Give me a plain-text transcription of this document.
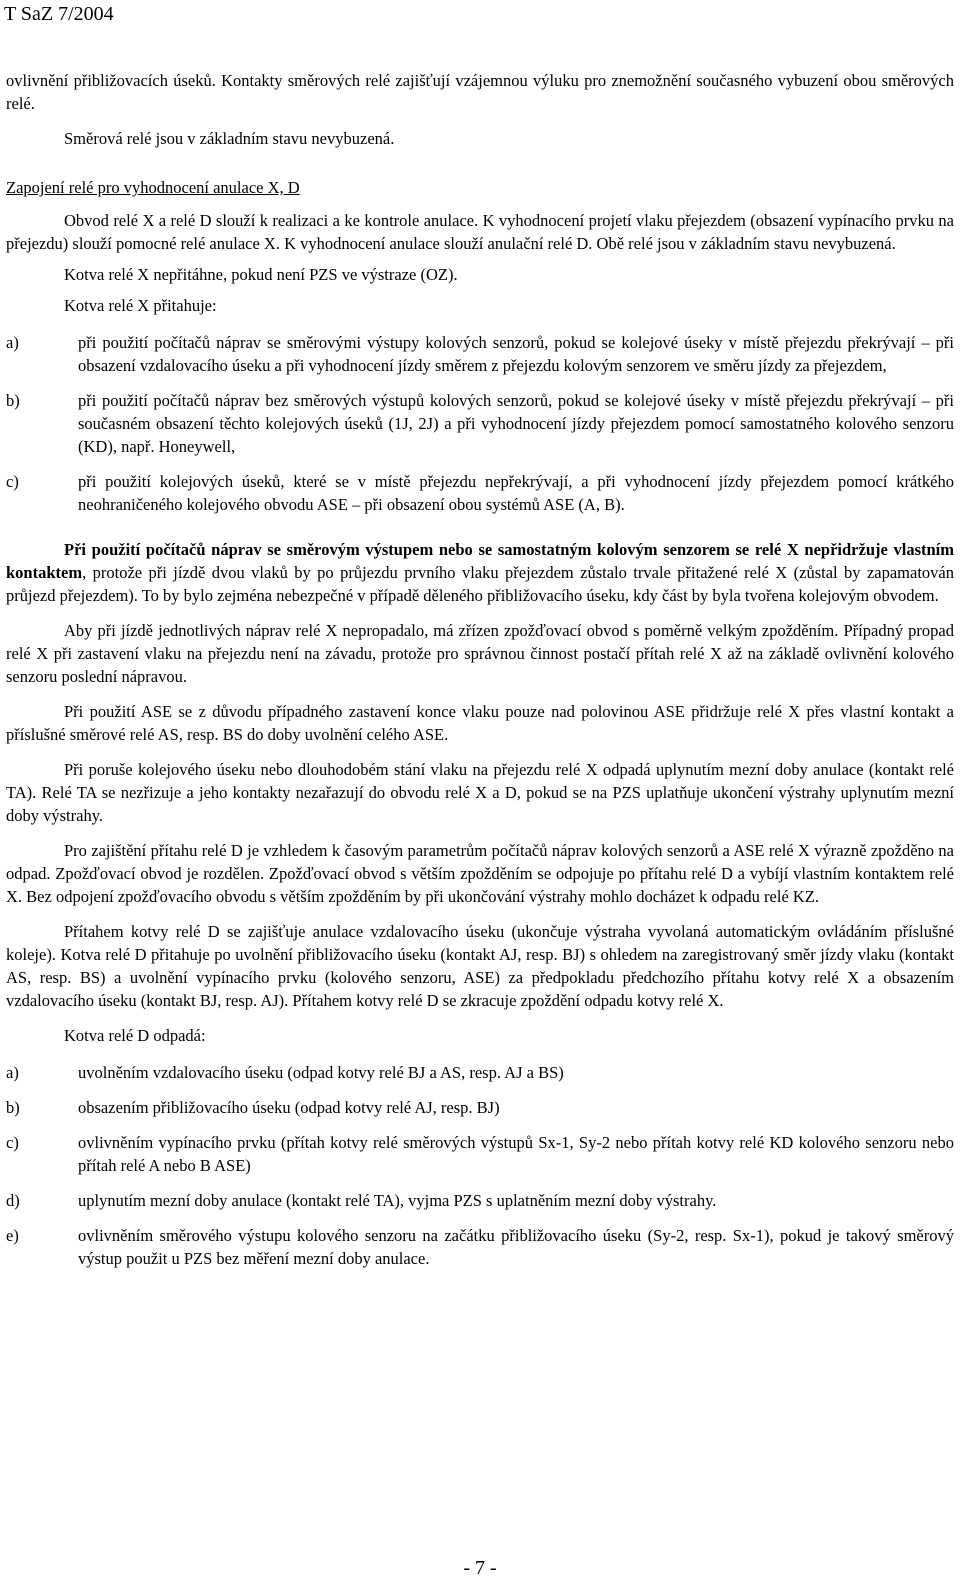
T SaZ 7/2004

ovlivnění přibližovacích úseků. Kontakty směrových relé zajišťují vzájemnou výluku pro znemožnění současného vybuzení obou směrových relé.

Směrová relé jsou v základním stavu nevybuzená.

Zapojení relé pro vyhodnocení anulace X, D

Obvod relé X a relé D slouží k realizaci a ke kontrole anulace. K vyhodnocení projetí vlaku přejezdem (obsazení vypínacího prvku na přejezdu) slouží pomocné relé anulace X. K vyhodnocení anulace slouží anulační relé D. Obě relé jsou v základním stavu nevybuzená.

Kotva relé X nepřitáhne, pokud není PZS ve výstraze (OZ).

Kotva relé X přitahuje:

a)	při použití počítačů náprav se směrovými výstupy kolových senzorů, pokud se kolejové úseky v místě přejezdu překrývají – při obsazení vzdalovacího úseku a při vyhodnocení jízdy směrem z přejezdu kolovým senzorem ve směru jízdy za přejezdem,
b)	při použití počítačů náprav bez směrových výstupů kolových senzorů, pokud se kolejové úseky v místě přejezdu překrývají – při současném obsazení těchto kolejových úseků (1J, 2J) a při vyhodnocení jízdy přejezdem pomocí samostatného kolového senzoru (KD), např. Honeywell,
c)	při použití kolejových úseků, které se v místě přejezdu nepřekrývají, a při vyhodnocení jízdy přejezdem pomocí krátkého neohraničeného kolejového obvodu ASE – při obsazení obou systémů ASE (A, B).

Při použití počítačů náprav se směrovým výstupem nebo se samostatným kolovým senzorem se relé X nepřidržuje vlastním kontaktem, protože při jízdě dvou vlaků by po průjezdu prvního vlaku přejezdem zůstalo trvale přitažené relé X (zůstal by zapamatován průjezd přejezdem). To by bylo zejména nebezpečné v případě děleného přibližovacího úseku, kdy část by byla tvořena kolejovým obvodem.

Aby při jízdě jednotlivých náprav relé X nepropadalo, má zřízen zpožďovací obvod s poměrně velkým zpožděním. Případný propad relé X při zastavení vlaku na přejezdu není na závadu, protože pro správnou činnost postačí přítah relé X až na základě ovlivnění kolového senzoru poslední nápravou.

Při použití ASE se z důvodu případného zastavení konce vlaku pouze nad polovinou ASE přidržuje relé X přes vlastní kontakt a příslušné směrové relé AS, resp. BS do doby uvolnění celého ASE.

Při poruše kolejového úseku nebo dlouhodobém stání vlaku na přejezdu relé X odpadá uplynutím mezní doby anulace (kontakt relé TA). Relé TA se nezřizuje a jeho kontakty nezařazují do obvodu relé X a D, pokud se na PZS uplatňuje ukončení výstrahy uplynutím mezní doby výstrahy.

Pro zajištění přítahu relé D je vzhledem k časovým parametrům počítačů náprav kolových senzorů a ASE relé X výrazně zpožděno na odpad. Zpožďovací obvod je rozdělen. Zpožďovací obvod s větším zpožděním se odpojuje po přítahu relé D a vybíjí vlastním kontaktem relé X. Bez odpojení zpožďovacího obvodu s větším zpožděním by při ukončování výstrahy mohlo docházet k odpadu relé KZ.

Přítahem kotvy relé D se zajišťuje anulace vzdalovacího úseku (ukončuje výstraha vyvolaná automatickým ovládáním příslušné koleje). Kotva relé D přitahuje po uvolnění přibližovacího úseku (kontakt AJ, resp. BJ) s ohledem na zaregistrovaný směr jízdy vlaku (kontakt AS, resp. BS) a uvolnění vypínacího prvku (kolového senzoru, ASE) za předpokladu předchozího přítahu kotvy relé X a obsazením vzdalovacího úseku (kontakt BJ, resp. AJ). Přítahem kotvy relé D se zkracuje zpoždění odpadu kotvy relé X.

Kotva relé D odpadá:

a)	uvolněním vzdalovacího úseku (odpad kotvy relé BJ a AS, resp. AJ a BS)
b)	obsazením přibližovacího úseku (odpad kotvy relé AJ, resp. BJ)
c)	ovlivněním vypínacího prvku (přítah kotvy relé směrových výstupů Sx-1, Sy-2 nebo přítah kotvy relé KD kolového senzoru nebo přítah relé A nebo B ASE)
d)	uplynutím mezní doby anulace (kontakt relé TA), vyjma PZS s uplatněním mezní doby výstrahy.
e)	ovlivněním směrového výstupu kolového senzoru na začátku přibližovacího úseku (Sy-2, resp. Sx-1), pokud je takový směrový výstup použit u PZS bez měření mezní doby anulace.
- 7 -
